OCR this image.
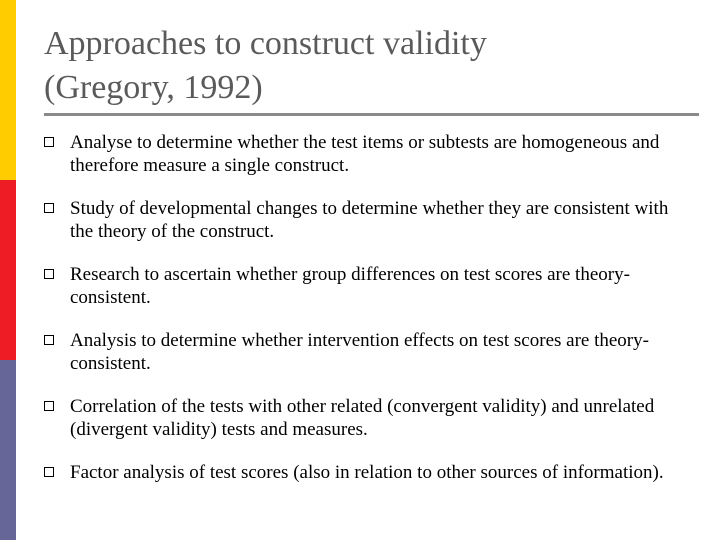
Approaches to construct validity
(Gregory, 1992)
Analyse to determine whether the test items or subtests are homogeneous and therefore measure a single construct.
Study of developmental changes to determine whether they are consistent with the theory of the construct.
Research to ascertain whether group differences on test scores are theory-consistent.
Analysis to determine whether intervention effects on test scores are theory-consistent.
Correlation of the tests with other related (convergent validity) and unrelated (divergent validity) tests and measures.
Factor analysis of test scores (also in relation to other sources of information).
